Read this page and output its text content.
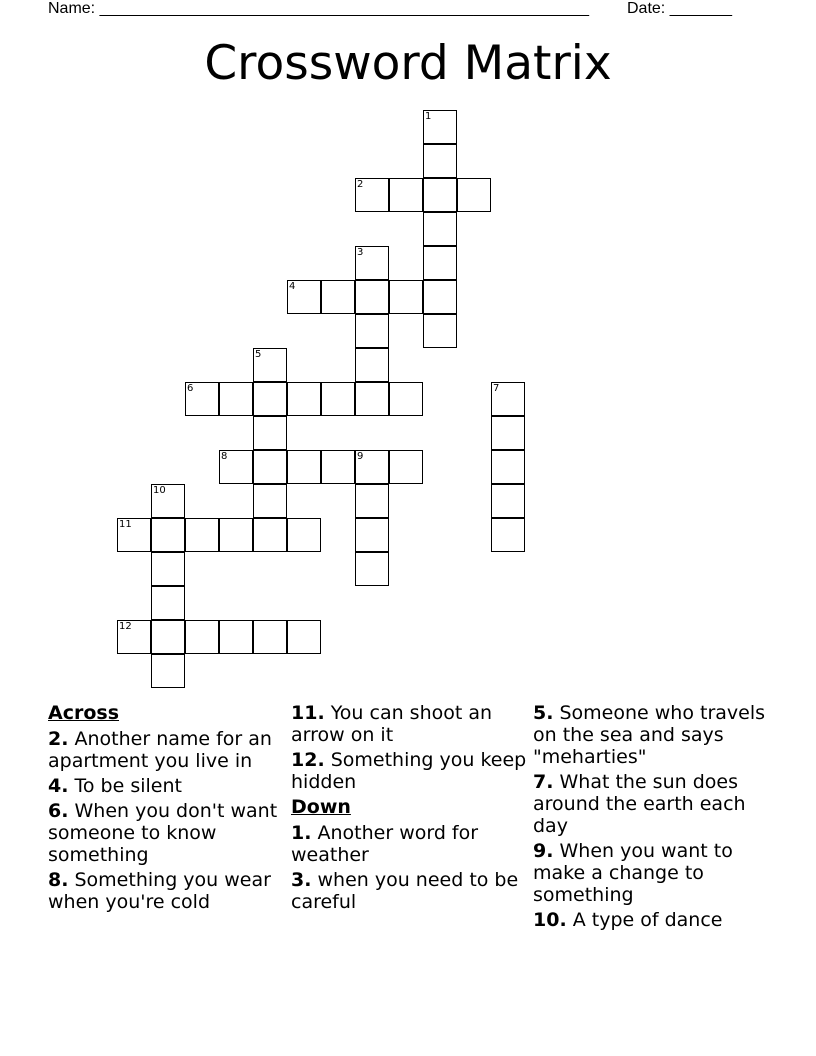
Name: _______________________________________________________ Date: _______
Crossword Matrix
1
2
3
4
5
6	7
8	9
10
11
12
Across
2. Another name for an apartment you live in
4. To be silent
6. When you don't want someone to know something
8. Something you wear when you're cold
11. You can shoot an arrow on it
12. Something you keep hidden
Down
1. Another word for weather
3. when you need to be careful
5. Someone who travels on the sea and says "meharties"
7. What the sun does around the earth each day
9. When you want to make a change to something
10. A type of dance
